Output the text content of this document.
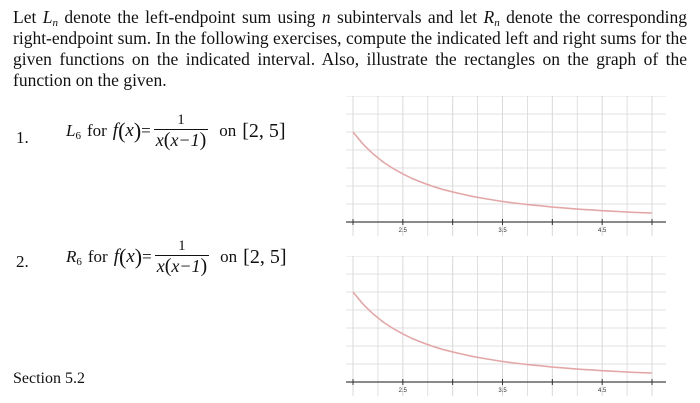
Let $L_n$ denote the left-endpoint sum using n subintervals and let $R_n$ denote the corresponding right-endpoint sum. In the following exercises, compute the indicated left and right sums for the given functions on the indicated interval. Also, illustrate the rectangles on the graph of the function on the given.
1. L6 for f ( x ) = $\frac{1}{x(x-1)}$ on [2, 5]
2. R6 for f ( x ) = $\frac{1}{x(x-1)}$ on [2, 5]
Section 5.2
2.5	3.5	4.5
2.5	3.5	4.5
